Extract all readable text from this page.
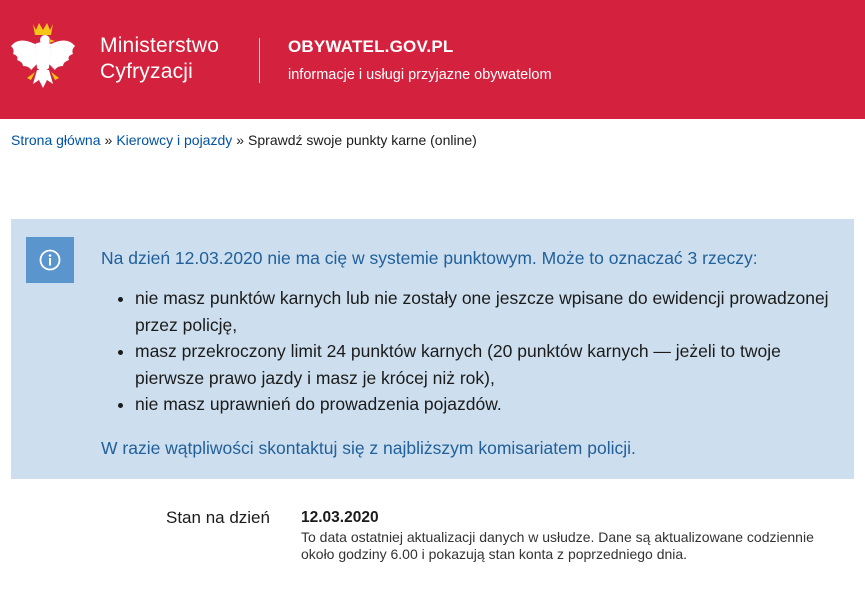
Ministerstwo
Cyfryzacji
OBYWATEL.GOV.PL
informacje i usługi przyjazne obywatelom
Strona główna » Kierowcy i pojazdy » Sprawdź swoje punkty karne (online)
Na dzień 12.03.2020 nie ma cię w systemie punktowym. Może to oznaczać 3 rzeczy:
• nie masz punktów karnych lub nie zostały one jeszcze wpisane do ewidencji prowadzonej przez policję,
• masz przekroczony limit 24 punktów karnych (20 punktów karnych — jeżeli to twoje pierwsze prawo jazdy i masz je krócej niż rok),
• nie masz uprawnień do prowadzenia pojazdów.
W razie wątpliwości skontaktuj się z najbliższym komisariatem policji.
Stan na dzień 12.03.2020
To data ostatniej aktualizacji danych w usłudze. Dane są aktualizowane codziennie około godziny 6.00 i pokazują stan konta z poprzedniego dnia.
